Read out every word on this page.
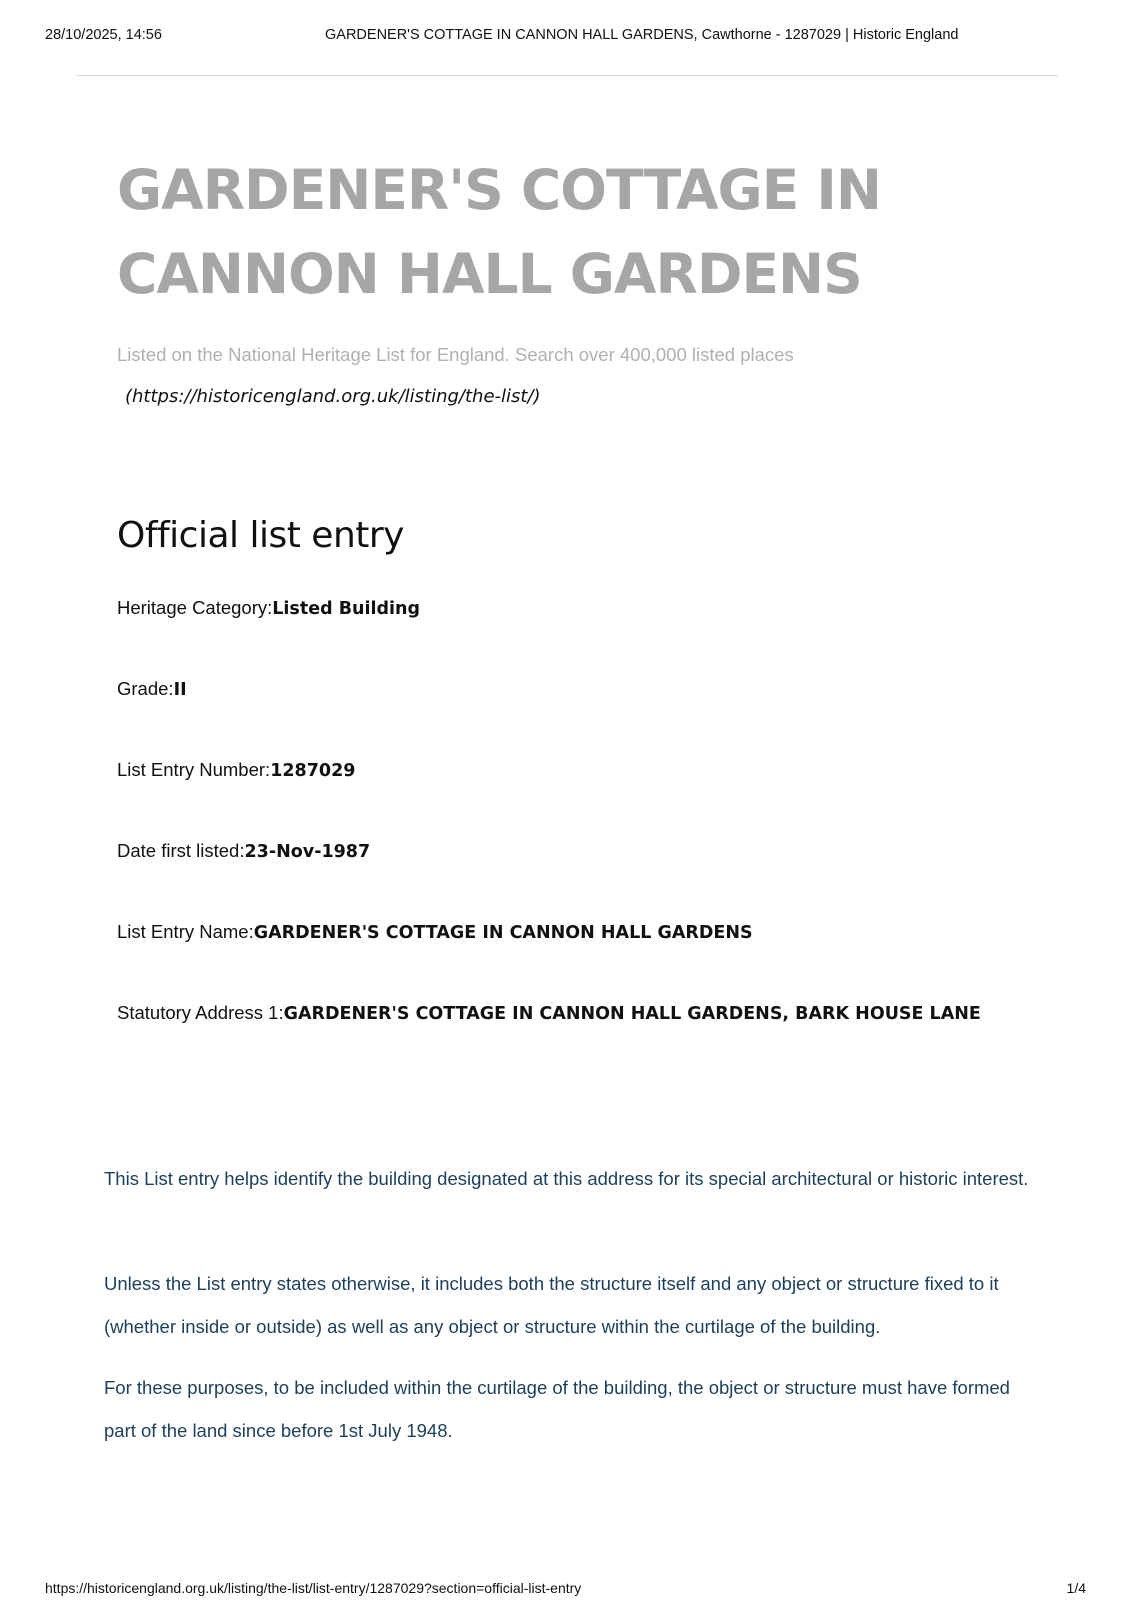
28/10/2025, 14:56	GARDENER'S COTTAGE IN CANNON HALL GARDENS, Cawthorne - 1287029 | Historic England
GARDENER'S COTTAGE IN
CANNON HALL GARDENS
Listed on the National Heritage List for England. Search over 400,000 listed places
(https://historicengland.org.uk/listing/the-list/)
Official list entry
Heritage Category:Listed Building
Grade:II
List Entry Number:1287029
Date first listed:23-Nov-1987
List Entry Name:GARDENER'S COTTAGE IN CANNON HALL GARDENS
Statutory Address 1:GARDENER'S COTTAGE IN CANNON HALL GARDENS, BARK HOUSE LANE

This List entry helps identify the building designated at this address for its special architectural or historic interest.

Unless the List entry states otherwise, it includes both the structure itself and any object or structure fixed to it (whether inside or outside) as well as any object or structure within the curtilage of the building.

For these purposes, to be included within the curtilage of the building, the object or structure must have formed part of the land since before 1st July 1948.

https://historicengland.org.uk/listing/the-list/list-entry/1287029?section=official-list-entry	1/4
